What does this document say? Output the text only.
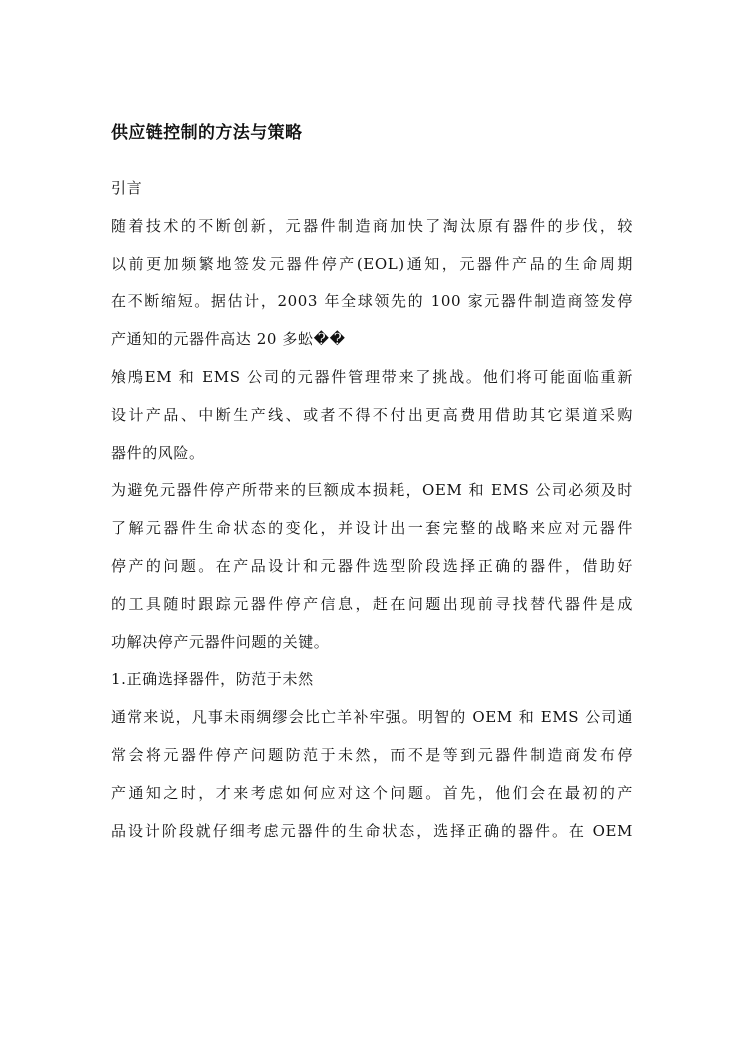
供应链控制的方法与策略
引言
随着技术的不断创新，元器件制造商加快了淘汰原有器件的步伐，较
以前更加频繁地签发元器件停产(EOL)通知，元器件产品的生命周期
在不断缩短。据估计，2003 年全球领先的 100 家元器件制造商签发停
产通知的元器件高达 20 多蚣��
飧鳲EM 和 EMS 公司的元器件管理带来了挑战。他们将可能面临重新
设计产品、中断生产线、或者不得不付出更高费用借助其它渠道采购
器件的风险。
为避免元器件停产所带来的巨额成本损耗，OEM 和 EMS 公司必须及时
了解元器件生命状态的变化，并设计出一套完整的战略来应对元器件
停产的问题。在产品设计和元器件选型阶段选择正确的器件，借助好
的工具随时跟踪元器件停产信息，赶在问题出现前寻找替代器件是成
功解决停产元器件问题的关键。
1.正确选择器件，防范于未然
通常来说，凡事未雨绸缪会比亡羊补牢强。明智的 OEM 和 EMS 公司通
常会将元器件停产问题防范于未然，而不是等到元器件制造商发布停
产通知之时，才来考虑如何应对这个问题。首先，他们会在最初的产
品设计阶段就仔细考虑元器件的生命状态，选择正确的器件。在 OEM
